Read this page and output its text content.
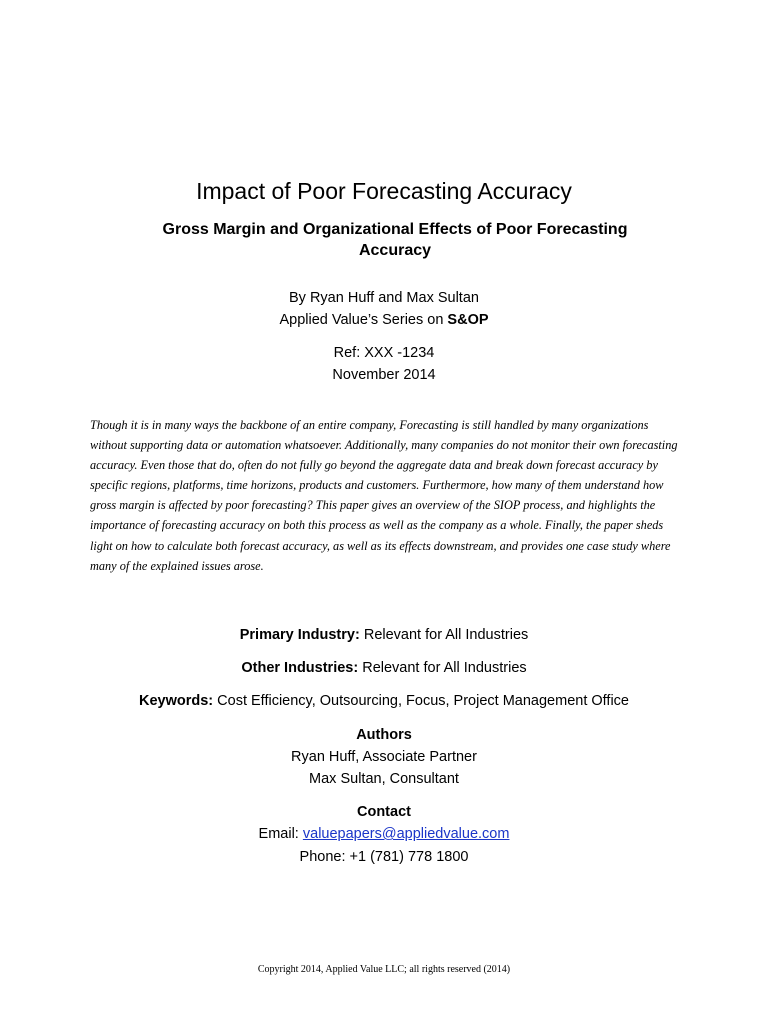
Impact of Poor Forecasting Accuracy
Gross Margin and Organizational Effects of Poor Forecasting Accuracy
By Ryan Huff and Max Sultan
Applied Value’s Series on S&OP
Ref: XXX -1234
November 2014
Though it is in many ways the backbone of an entire company, Forecasting is still handled by many organizations without supporting data or automation whatsoever. Additionally, many companies do not monitor their own forecasting accuracy. Even those that do, often do not fully go beyond the aggregate data and break down forecast accuracy by specific regions, platforms, time horizons, products and customers. Furthermore, how many of them understand how gross margin is affected by poor forecasting? This paper gives an overview of the SIOP process, and highlights the importance of forecasting accuracy on both this process as well as the company as a whole. Finally, the paper sheds light on how to calculate both forecast accuracy, as well as its effects downstream, and provides one case study where many of the explained issues arose.
Primary Industry: Relevant for All Industries
Other Industries: Relevant for All Industries
Keywords: Cost Efficiency, Outsourcing, Focus, Project Management Office
Authors
Ryan Huff, Associate Partner
Max Sultan, Consultant
Contact
Email: valuepapers@appliedvalue.com
Phone: +1 (781) 778 1800
Copyright 2014, Applied Value LLC; all rights reserved (2014)
